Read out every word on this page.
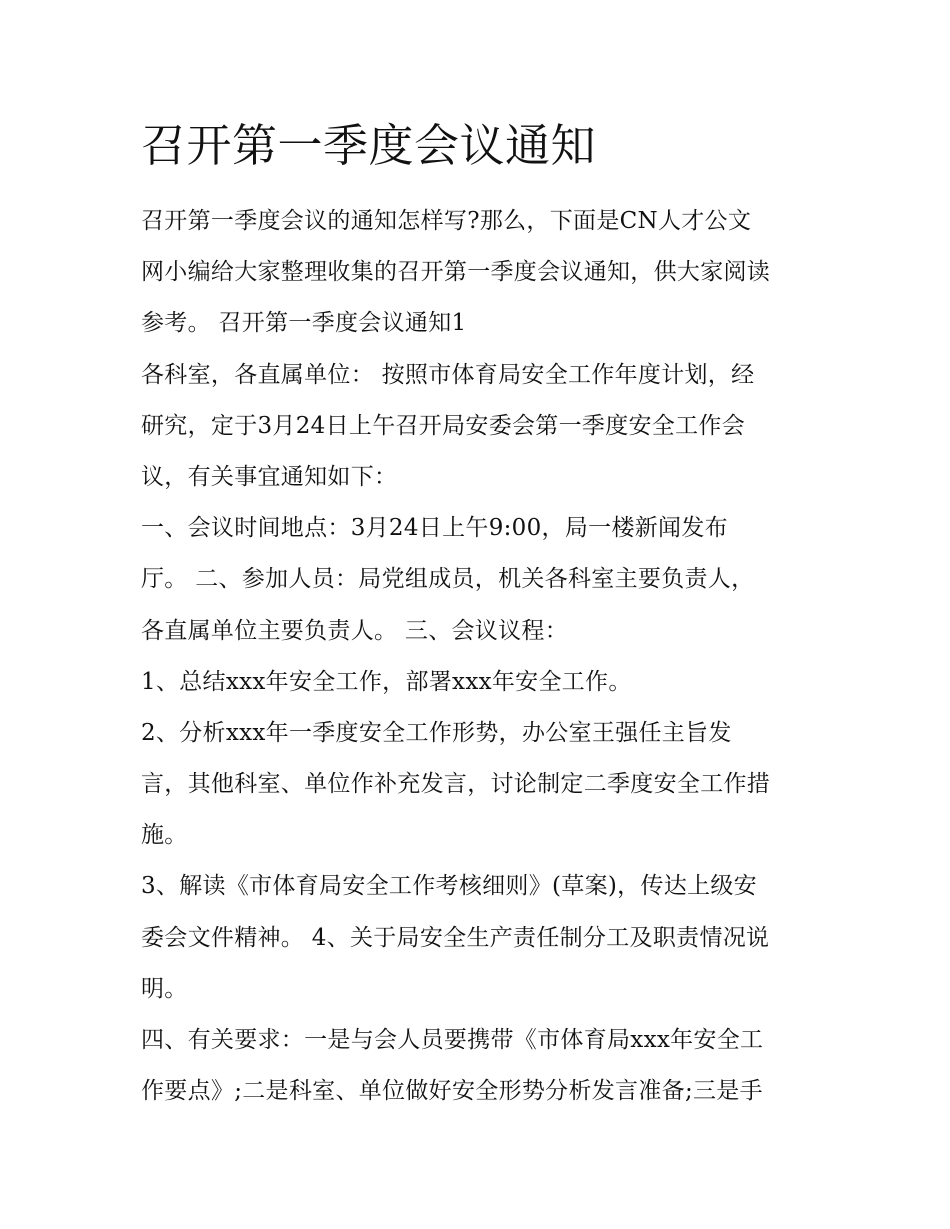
召开第一季度会议通知
召开第一季度会议的通知怎样写?那么，下面是CN人才公文
网小编给大家整理收集的召开第一季度会议通知，供大家阅读
参考。 召开第一季度会议通知1
各科室，各直属单位： 按照市体育局安全工作年度计划，经
研究，定于3月24日上午召开局安委会第一季度安全工作会
议，有关事宜通知如下：
一、会议时间地点：3月24日上午9:00，局一楼新闻发布
厅。 二、参加人员：局党组成员，机关各科室主要负责人，
各直属单位主要负责人。 三、会议议程：
1、总结xxx年安全工作，部署xxx年安全工作。
2、分析xxx年一季度安全工作形势，办公室王强任主旨发
言，其他科室、单位作补充发言，讨论制定二季度安全工作措
施。
3、解读《市体育局安全工作考核细则》(草案)，传达上级安
委会文件精神。 4、关于局安全生产责任制分工及职责情况说
明。
四、有关要求：一是与会人员要携带《市体育局xxx年安全工
作要点》;二是科室、单位做好安全形势分析发言准备;三是手
